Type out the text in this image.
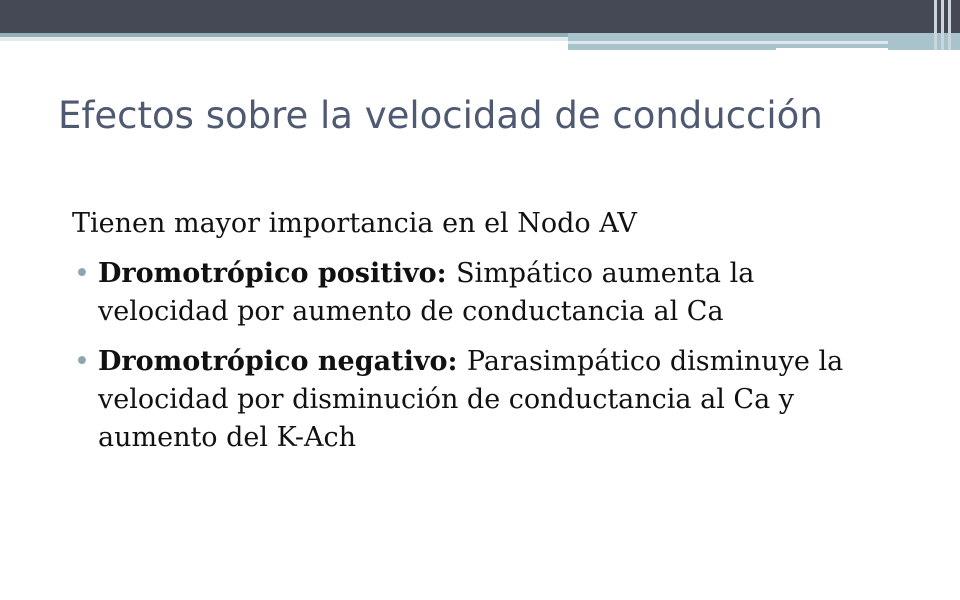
Efectos sobre la velocidad de conducción

Tienen mayor importancia en el Nodo AV

• Dromotrópico positivo: Simpático aumenta la velocidad por aumento de conductancia al Ca
• Dromotrópico negativo: Parasimpático disminuye la velocidad por disminución de conductancia al Ca y aumento del K-Ach
